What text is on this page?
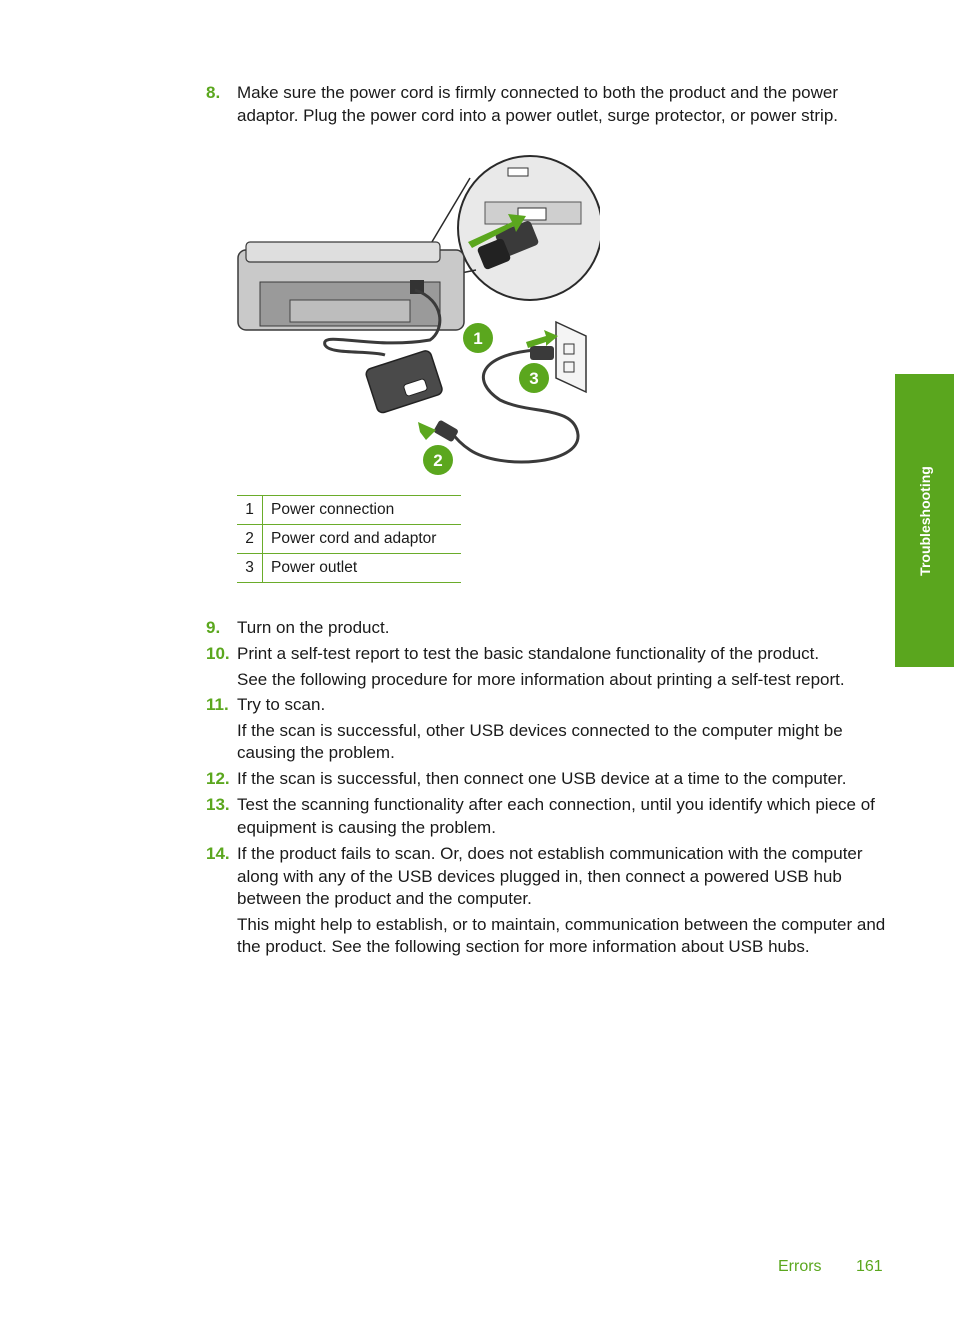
8. Make sure the power cord is firmly connected to both the product and the power adaptor. Plug the power cord into a power outlet, surge protector, or power strip.
1
2
3
1	Power connection
2	Power cord and adaptor
3	Power outlet
9. Turn on the product.
10. Print a self-test report to test the basic standalone functionality of the product.
See the following procedure for more information about printing a self-test report.
11. Try to scan.
If the scan is successful, other USB devices connected to the computer might be causing the problem.
12. If the scan is successful, then connect one USB device at a time to the computer.
13. Test the scanning functionality after each connection, until you identify which piece of equipment is causing the problem.
14. If the product fails to scan. Or, does not establish communication with the computer along with any of the USB devices plugged in, then connect a powered USB hub between the product and the computer.
This might help to establish, or to maintain, communication between the computer and the product. See the following section for more information about USB hubs.
Troubleshooting
Errors 161
